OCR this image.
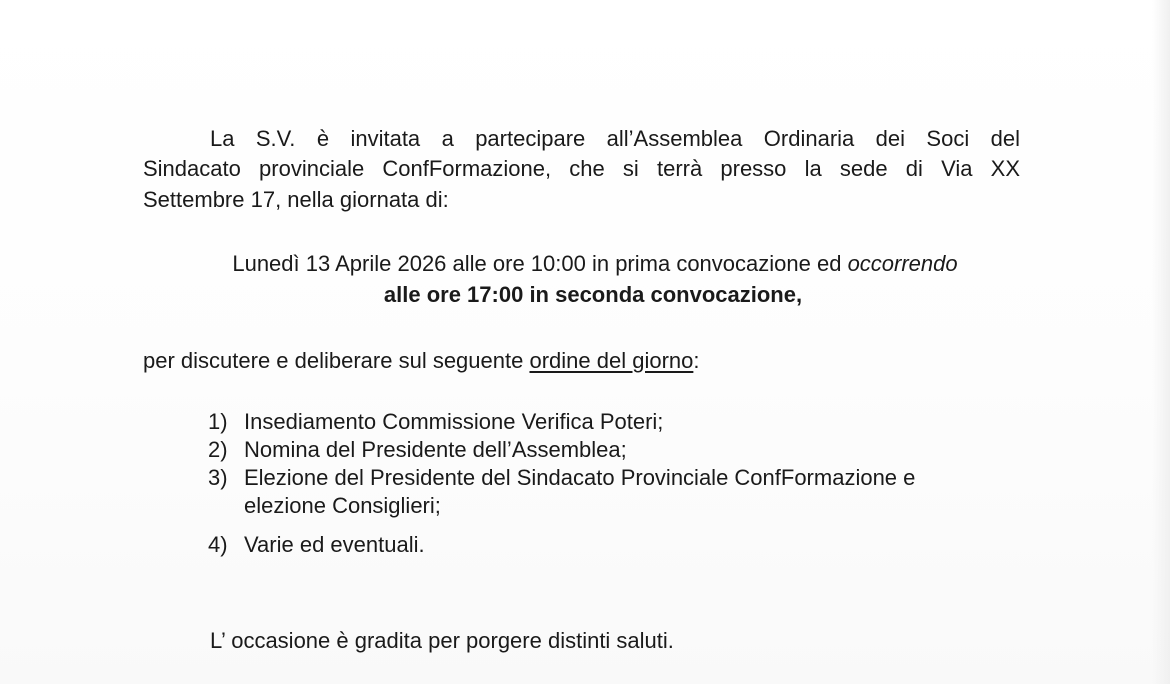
La S.V. è invitata a partecipare all’Assemblea Ordinaria dei Soci del
Sindacato provinciale ConfFormazione, che si terrà presso la sede di Via XX
Settembre 17, nella giornata di:
Lunedì 13 Aprile 2026 alle ore 10:00 in prima convocazione ed occorrendo
alle ore 17:00 in seconda convocazione,
per discutere e deliberare sul seguente ordine del giorno:
1) Insediamento Commissione Verifica Poteri;
2) Nomina del Presidente dell’Assemblea;
3) Elezione del Presidente del Sindacato Provinciale ConfFormazione e
elezione Consiglieri;
4) Varie ed eventuali.
L’ occasione è gradita per porgere distinti saluti.
